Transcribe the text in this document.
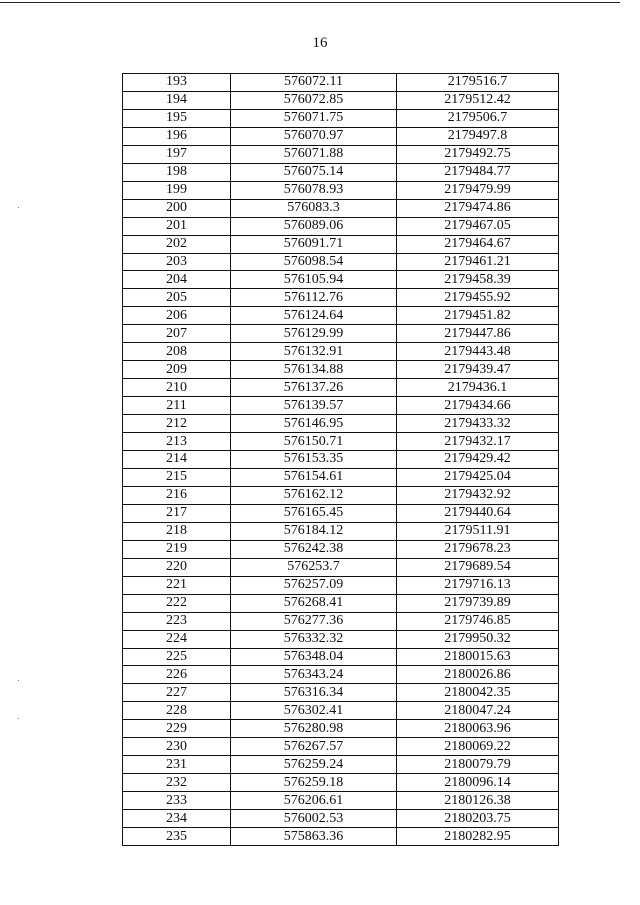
16
193	576072.11	2179516.7
194	576072.85	2179512.42
195	576071.75	2179506.7
196	576070.97	2179497.8
197	576071.88	2179492.75
198	576075.14	2179484.77
199	576078.93	2179479.99
200	576083.3	2179474.86
201	576089.06	2179467.05
202	576091.71	2179464.67
203	576098.54	2179461.21
204	576105.94	2179458.39
205	576112.76	2179455.92
206	576124.64	2179451.82
207	576129.99	2179447.86
208	576132.91	2179443.48
209	576134.88	2179439.47
210	576137.26	2179436.1
211	576139.57	2179434.66
212	576146.95	2179433.32
213	576150.71	2179432.17
214	576153.35	2179429.42
215	576154.61	2179425.04
216	576162.12	2179432.92
217	576165.45	2179440.64
218	576184.12	2179511.91
219	576242.38	2179678.23
220	576253.7	2179689.54
221	576257.09	2179716.13
222	576268.41	2179739.89
223	576277.36	2179746.85
224	576332.32	2179950.32
225	576348.04	2180015.63
226	576343.24	2180026.86
227	576316.34	2180042.35
228	576302.41	2180047.24
229	576280.98	2180063.96
230	576267.57	2180069.22
231	576259.24	2180079.79
232	576259.18	2180096.14
233	576206.61	2180126.38
234	576002.53	2180203.75
235	575863.36	2180282.95
